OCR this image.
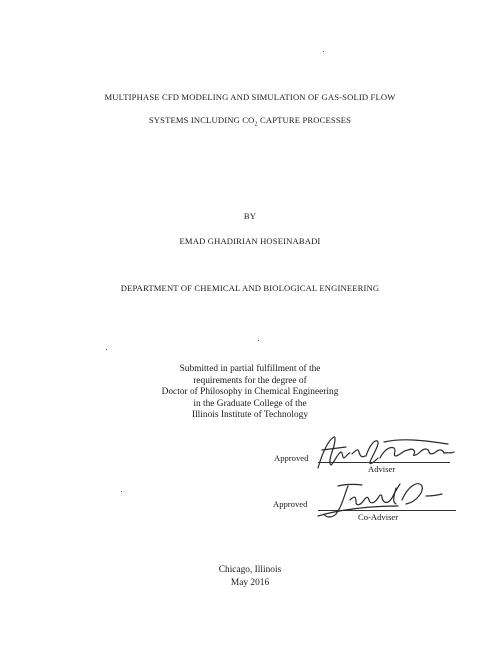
MULTIPHASE CFD MODELING AND SIMULATION OF GAS-SOLID FLOW
SYSTEMS INCLUDING $CO_2$ CAPTURE PROCESSES
BY
EMAD GHADIRIAN HOSEINABADI
DEPARTMENT OF CHEMICAL AND BIOLOGICAL ENGINEERING
Submitted in partial fulfillment of the
requirements for the degree of
Doctor of Philosophy in Chemical Engineering
in the Graduate College of the
Illinois Institute of Technology
Approved
Adviser
Approved
Co-Adviser
Chicago, Illinois
May 2016
